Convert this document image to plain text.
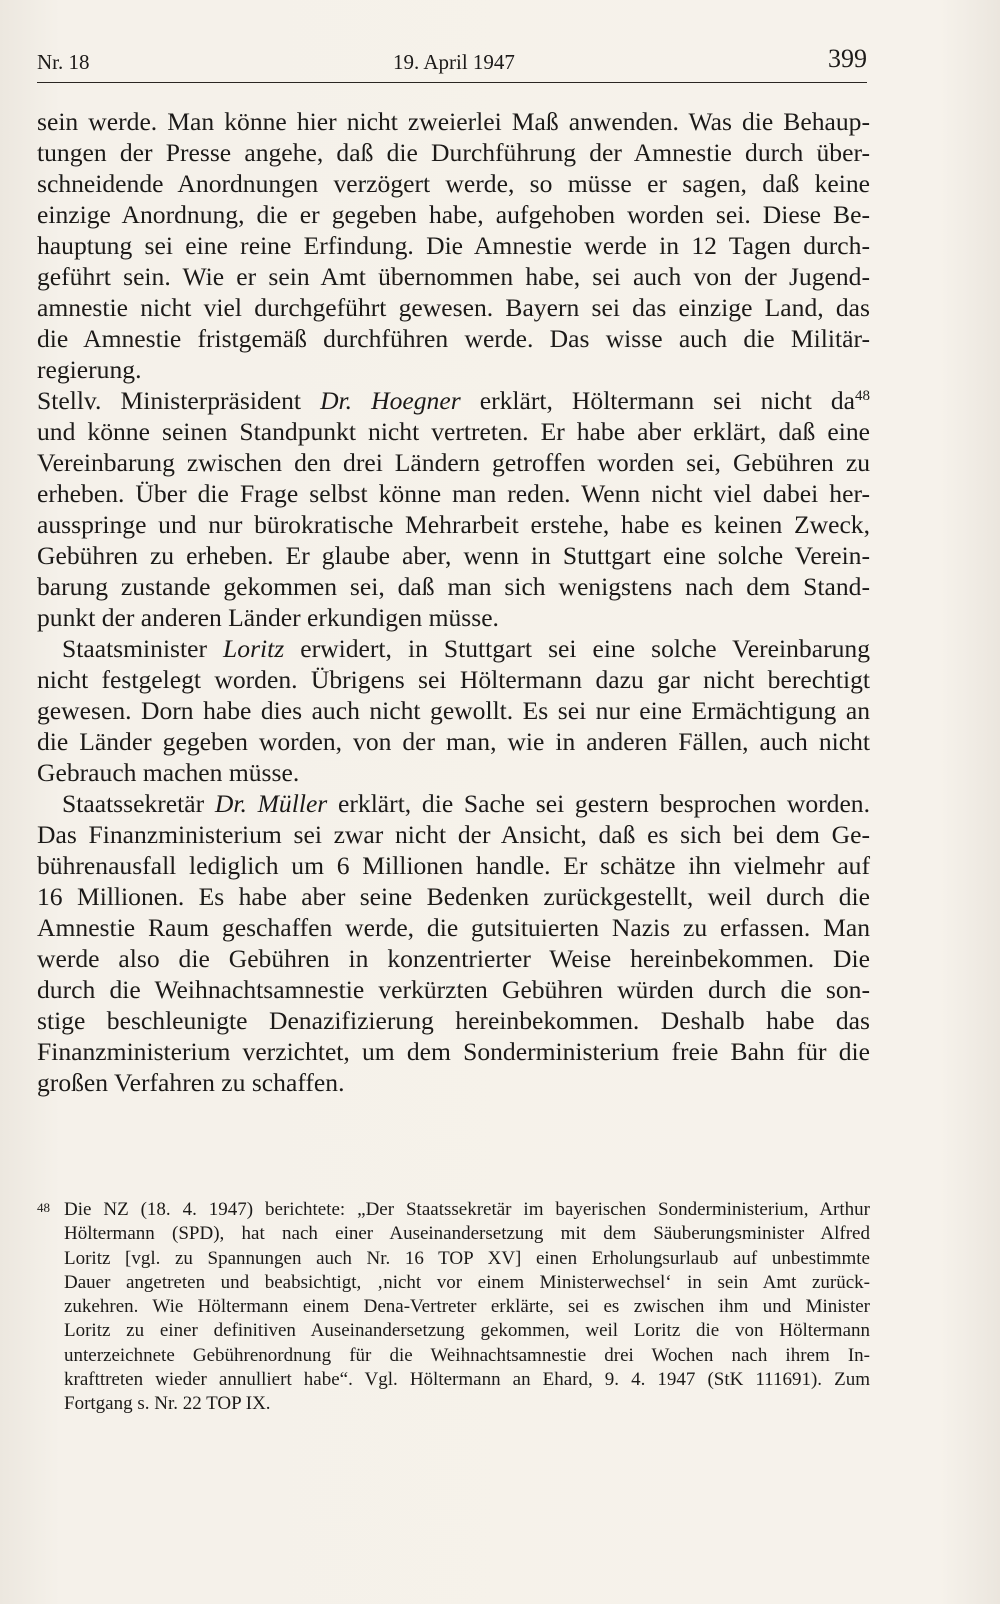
Nr. 18	19. April 1947	399
sein werde. Man könne hier nicht zweierlei Maß anwenden. Was die Behaup-
tungen der Presse angehe, daß die Durchführung der Amnestie durch über-
schneidende Anordnungen verzögert werde, so müsse er sagen, daß keine
einzige Anordnung, die er gegeben habe, aufgehoben worden sei. Diese Be-
hauptung sei eine reine Erfindung. Die Amnestie werde in 12 Tagen durch-
geführt sein. Wie er sein Amt übernommen habe, sei auch von der Jugend-
amnestie nicht viel durchgeführt gewesen. Bayern sei das einzige Land, das
die Amnestie fristgemäß durchführen werde. Das wisse auch die Militär-
regierung.
Stellv. Ministerpräsident Dr. Hoegner erklärt, Höltermann sei nicht $da^{48}$
und könne seinen Standpunkt nicht vertreten. Er habe aber erklärt, daß eine
Vereinbarung zwischen den drei Ländern getroffen worden sei, Gebühren zu
erheben. Über die Frage selbst könne man reden. Wenn nicht viel dabei her-
ausspringe und nur bürokratische Mehrarbeit erstehe, habe es keinen Zweck,
Gebühren zu erheben. Er glaube aber, wenn in Stuttgart eine solche Verein-
barung zustande gekommen sei, daß man sich wenigstens nach dem Stand-
punkt der anderen Länder erkundigen müsse.
Staatsminister Loritz erwidert, in Stuttgart sei eine solche Vereinbarung
nicht festgelegt worden. Übrigens sei Höltermann dazu gar nicht berechtigt
gewesen. Dorn habe dies auch nicht gewollt. Es sei nur eine Ermächtigung an
die Länder gegeben worden, von der man, wie in anderen Fällen, auch nicht
Gebrauch machen müsse.
Staatssekretär Dr. Müller erklärt, die Sache sei gestern besprochen worden.
Das Finanzministerium sei zwar nicht der Ansicht, daß es sich bei dem Ge-
bührenausfall lediglich um 6 Millionen handle. Er schätze ihn vielmehr auf
16 Millionen. Es habe aber seine Bedenken zurückgestellt, weil durch die
Amnestie Raum geschaffen werde, die gutsituierten Nazis zu erfassen. Man
werde also die Gebühren in konzentrierter Weise hereinbekommen. Die
durch die Weihnachtsamnestie verkürzten Gebühren würden durch die son-
stige beschleunigte Denazifizierung hereinbekommen. Deshalb habe das
Finanzministerium verzichtet, um dem Sonderministerium freie Bahn für die
großen Verfahren zu schaffen.
48 Die NZ (18. 4. 1947) berichtete: „Der Staatssekretär im bayerischen Sonderministerium, Arthur
Höltermann (SPD), hat nach einer Auseinandersetzung mit dem Säuberungsminister Alfred
Loritz [vgl. zu Spannungen auch Nr. 16 TOP XV] einen Erholungsurlaub auf unbestimmte
Dauer angetreten und beabsichtigt, ‚nicht vor einem Ministerwechsel‘ in sein Amt zurück-
zukehren. Wie Höltermann einem Dena-Vertreter erklärte, sei es zwischen ihm und Minister
Loritz zu einer definitiven Auseinandersetzung gekommen, weil Loritz die von Höltermann
unterzeichnete Gebührenordnung für die Weihnachtsamnestie drei Wochen nach ihrem In-
krafttreten wieder annulliert habe“. Vgl. Höltermann an Ehard, 9. 4. 1947 (StK 111691). Zum
Fortgang s. Nr. 22 TOP IX.
